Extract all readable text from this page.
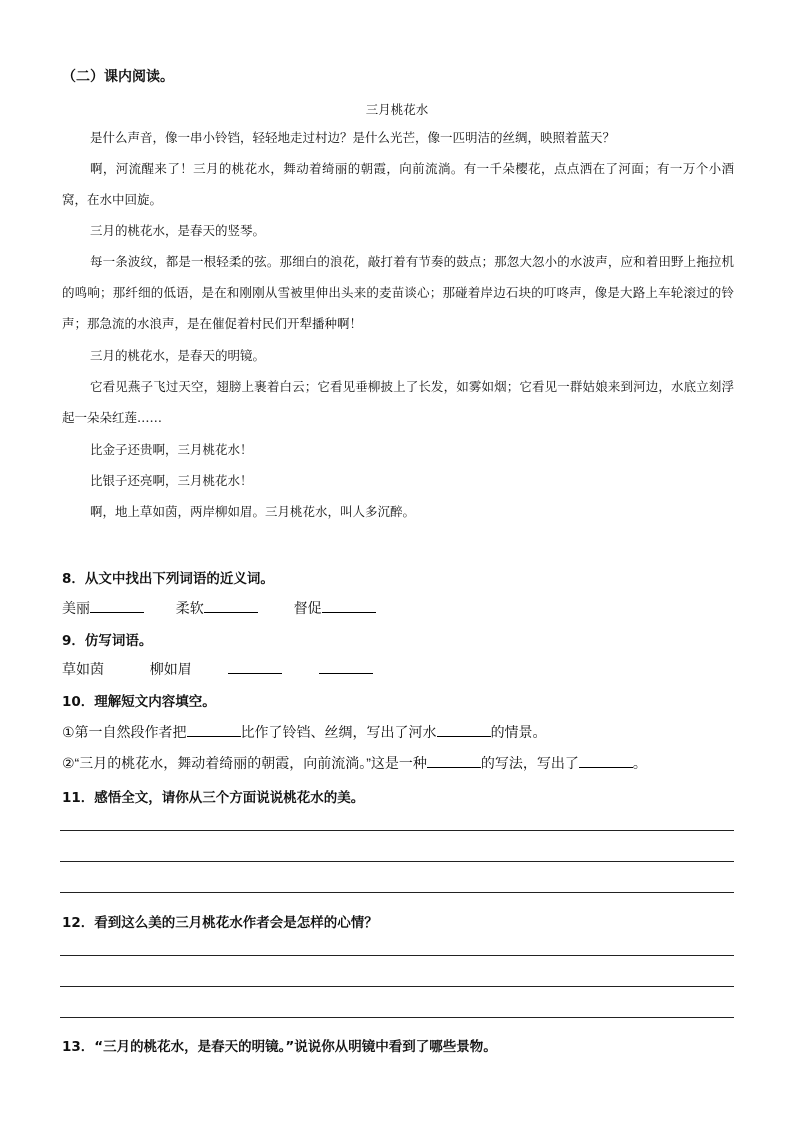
（二）课内阅读。
三月桃花水
是什么声音，像一串小铃铛，轻轻地走过村边？是什么光芒，像一匹明洁的丝绸，映照着蓝天？
啊，河流醒来了！三月的桃花水，舞动着绮丽的朝霞，向前流淌。有一千朵樱花，点点洒在了河面；有一万个小酒窝，在水中回旋。
三月的桃花水，是春天的竖琴。
每一条波纹，都是一根轻柔的弦。那细白的浪花，敲打着有节奏的鼓点；那忽大忽小的水波声，应和着田野上拖拉机的鸣响；那纤细的低语，是在和刚刚从雪被里伸出头来的麦苗谈心；那碰着岸边石块的叮咚声，像是大路上车轮滚过的铃声；那急流的水浪声，是在催促着村民们开犁播种啊！
三月的桃花水，是春天的明镜。
它看见燕子飞过天空，翅膀上裹着白云；它看见垂柳披上了长发，如雾如烟；它看见一群姑娘来到河边，水底立刻浮起一朵朵红莲……
比金子还贵啊，三月桃花水！
比银子还亮啊，三月桃花水！
啊，地上草如茵，两岸柳如眉。三月桃花水，叫人多沉醉。
8．从文中找出下列词语的近义词。
美丽	柔软	督促
9．仿写词语。
草如茵	柳如眉
10．理解短文内容填空。
①第一自然段作者把	比作了铃铛、丝绸，写出了河水	的情景。
②“三月的桃花水，舞动着绮丽的朝霞，向前流淌。”这是一种	的写法，写出了	。
11．感悟全文，请你从三个方面说说桃花水的美。
12．看到这么美的三月桃花水作者会是怎样的心情？
13．“三月的桃花水，是春天的明镜。”说说你从明镜中看到了哪些景物。
